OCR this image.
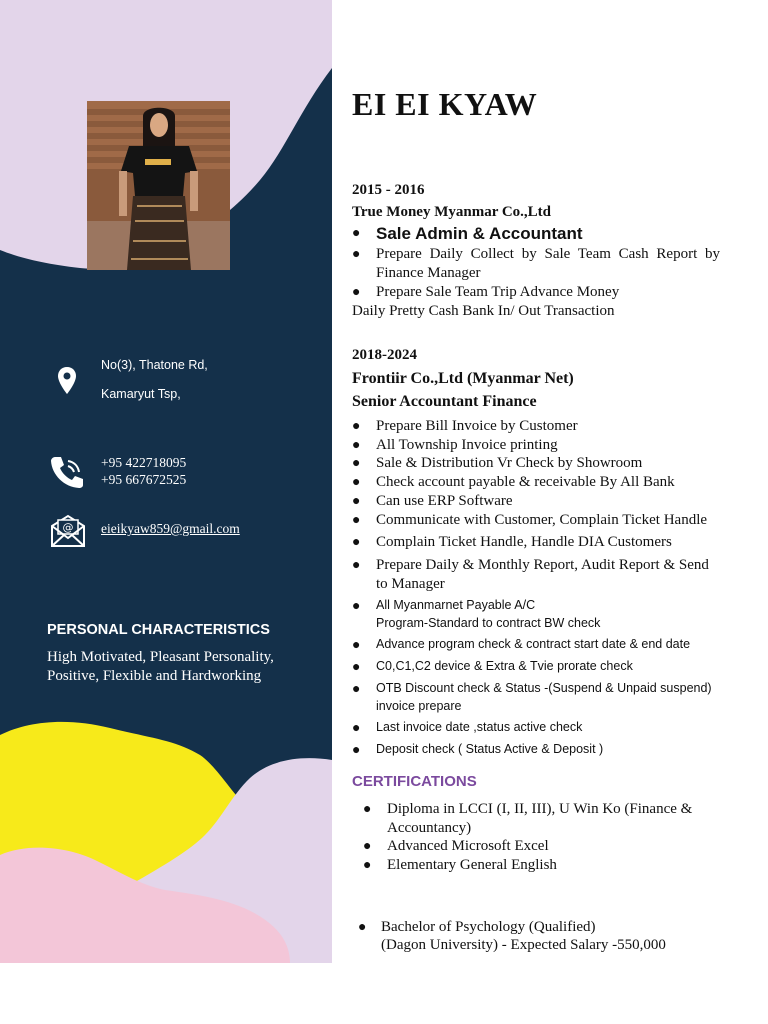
No(3), Thatone Rd,
Kamaryut Tsp,
+95 422718095
+95 667672525
@ eieikyaw859@gmail.com
PERSONAL CHARACTERISTICS
High Motivated, Pleasant Personality, Positive, Flexible and Hardworking
EI EI KYAW
2015 - 2016
True Money Myanmar Co.,Ltd
● Sale Admin & Accountant
● Prepare Daily Collect by Sale Team Cash Report by Finance Manager
● Prepare Sale Team Trip Advance Money
Daily Pretty Cash Bank In/ Out Transaction
2018-2024
Frontiir Co.,Ltd (Myanmar Net)
Senior Accountant Finance
● Prepare Bill Invoice by Customer
● All Township Invoice printing
● Sale & Distribution Vr Check by Showroom
● Check account payable & receivable By All Bank
● Can use ERP Software
● Communicate with Customer, Complain Ticket Handle
● Complain Ticket Handle, Handle DIA Customers
● Prepare Daily & Monthly Report, Audit Report & Send to Manager
● All Myanmarnet Payable A/C
Program-Standard to contract BW check
● Advance program check & contract start date & end date
● C0,C1,C2 device & Extra & Tvie prorate check
● OTB Discount check & Status -(Suspend & Unpaid suspend)
invoice prepare
● Last invoice date ,status active check
● Deposit check ( Status Active & Deposit )
CERTIFICATIONS
● Diploma in LCCI (I, II, III), U Win Ko (Finance & Accountancy)
● Advanced Microsoft Excel
● Elementary General English
● Bachelor of Psychology (Qualified)
(Dagon University) - Expected Salary -550,000
